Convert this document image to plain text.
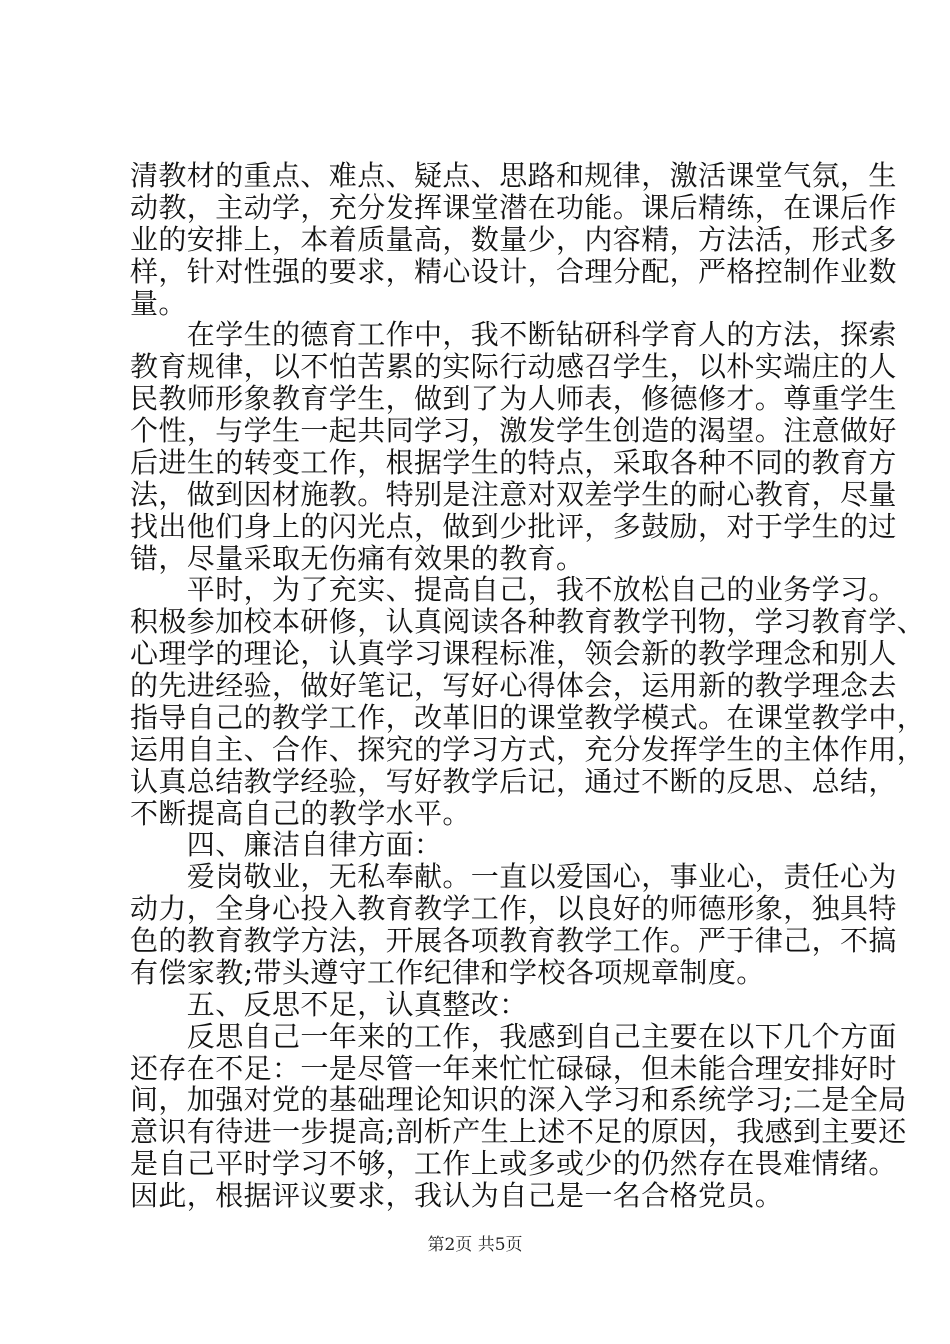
清教材的重点、难点、疑点、思路和规律，激活课堂气氛，生
动教，主动学，充分发挥课堂潜在功能。课后精练，在课后作
业的安排上，本着质量高，数量少，内容精，方法活，形式多
样，针对性强的要求，精心设计，合理分配，严格控制作业数
量。
　　在学生的德育工作中，我不断钻研科学育人的方法，探索
教育规律，以不怕苦累的实际行动感召学生，以朴实端庄的人
民教师形象教育学生，做到了为人师表，修德修才。尊重学生
个性，与学生一起共同学习，激发学生创造的渴望。注意做好
后进生的转变工作，根据学生的特点，采取各种不同的教育方
法，做到因材施教。特别是注意对双差学生的耐心教育，尽量
找出他们身上的闪光点，做到少批评，多鼓励，对于学生的过
错，尽量采取无伤痛有效果的教育。
　　平时，为了充实、提高自己，我不放松自己的业务学习。
积极参加校本研修，认真阅读各种教育教学刊物，学习教育学、
心理学的理论，认真学习课程标准，领会新的教学理念和别人
的先进经验，做好笔记，写好心得体会，运用新的教学理念去
指导自己的教学工作，改革旧的课堂教学模式。在课堂教学中，
运用自主、合作、探究的学习方式，充分发挥学生的主体作用，
认真总结教学经验，写好教学后记，通过不断的反思、总结，
不断提高自己的教学水平。
　　四、廉洁自律方面：
　　爱岗敬业，无私奉献。一直以爱国心，事业心，责任心为
动力，全身心投入教育教学工作，以良好的师德形象，独具特
色的教育教学方法，开展各项教育教学工作。严于律己，不搞
有偿家教;带头遵守工作纪律和学校各项规章制度。
　　五、反思不足，认真整改：
　　反思自己一年来的工作，我感到自己主要在以下几个方面
还存在不足：一是尽管一年来忙忙碌碌，但未能合理安排好时
间，加强对党的基础理论知识的深入学习和系统学习;二是全局
意识有待进一步提高;剖析产生上述不足的原因，我感到主要还
是自己平时学习不够，工作上或多或少的仍然存在畏难情绪。
因此，根据评议要求，我认为自己是一名合格党员。
第2页 共5页
